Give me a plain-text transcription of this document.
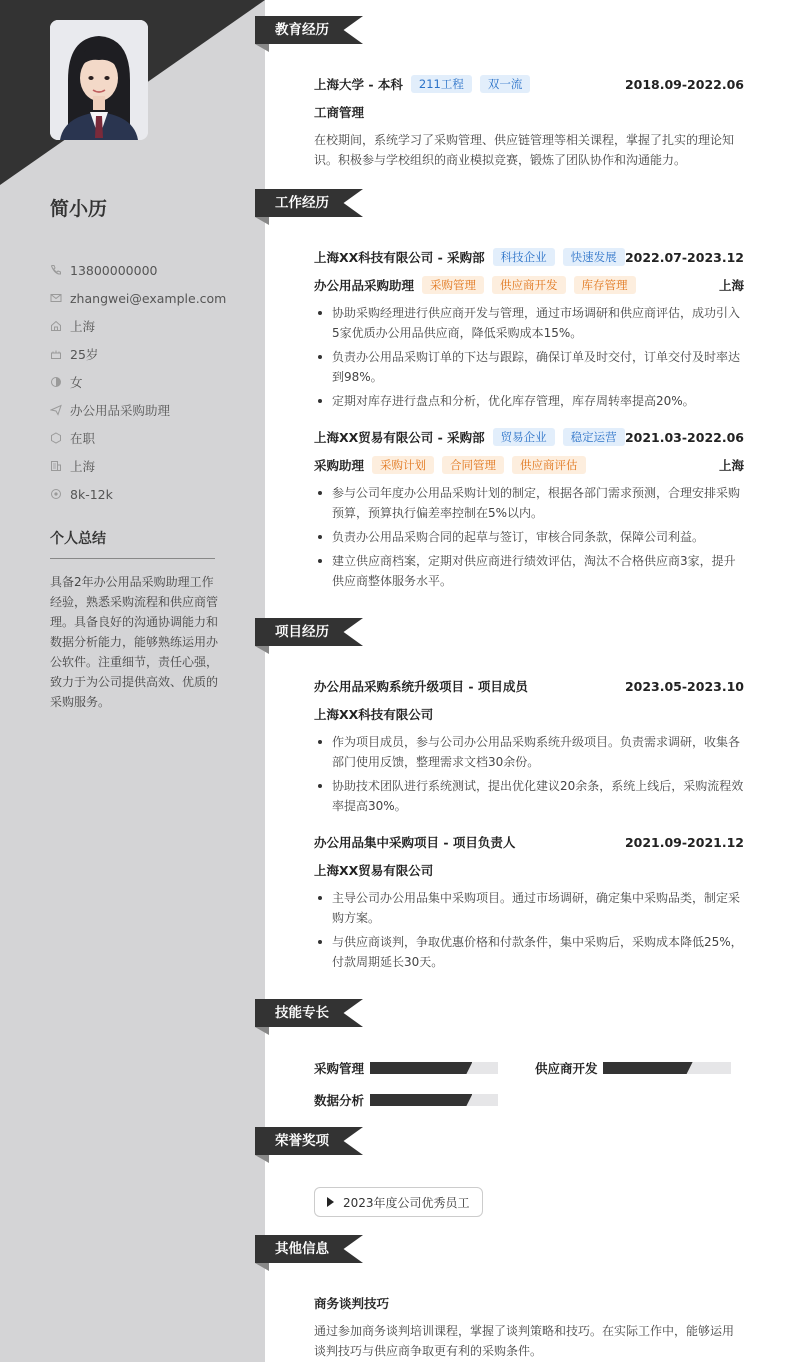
简小历
13800000000
zhangwei@example.com
上海
25岁
女
办公用品采购助理
在职
上海
8k-12k
个人总结
具备2年办公用品采购助理工作经验，熟悉采购流程和供应商管理。具备良好的沟通协调能力和数据分析能力，能够熟练运用办公软件。注重细节，责任心强，致力于为公司提供高效、优质的采购服务。
教育经历
上海大学 - 本科	211工程	双一流	2018.09-2022.06
工商管理
在校期间，系统学习了采购管理、供应链管理等相关课程，掌握了扎实的理论知识。积极参与学校组织的商业模拟竞赛，锻炼了团队协作和沟通能力。
工作经历
上海XX科技有限公司 - 采购部	科技企业	快速发展 2022.07-2023.12
办公用品采购助理	采购管理	供应商开发	库存管理	上海
协助采购经理进行供应商开发与管理，通过市场调研和供应商评估，成功引入5家优质办公用品供应商，降低采购成本15%。
负责办公用品采购订单的下达与跟踪，确保订单及时交付，订单交付及时率达到98%。
定期对库存进行盘点和分析，优化库存管理，库存周转率提高20%。
上海XX贸易有限公司 - 采购部	贸易企业	稳定运营 2021.03-2022.06
采购助理	采购计划	合同管理	供应商评估	上海
参与公司年度办公用品采购计划的制定，根据各部门需求预测，合理安排采购预算，预算执行偏差率控制在5%以内。
负责办公用品采购合同的起草与签订，审核合同条款，保障公司利益。
建立供应商档案，定期对供应商进行绩效评估，淘汰不合格供应商3家，提升供应商整体服务水平。
项目经历
办公用品采购系统升级项目 - 项目成员	2023.05-2023.10
上海XX科技有限公司
作为项目成员，参与公司办公用品采购系统升级项目。负责需求调研，收集各部门使用反馈，整理需求文档30余份。
协助技术团队进行系统测试，提出优化建议20余条，系统上线后，采购流程效率提高30%。
办公用品集中采购项目 - 项目负责人	2021.09-2021.12
上海XX贸易有限公司
主导公司办公用品集中采购项目。通过市场调研，确定集中采购品类，制定采购方案。
与供应商谈判，争取优惠价格和付款条件，集中采购后，采购成本降低25%，付款周期延长30天。
技能专长
采购管理	供应商开发
数据分析
荣誉奖项
2023年度公司优秀员工
其他信息
商务谈判技巧
通过参加商务谈判培训课程，掌握了谈判策略和技巧。在实际工作中，能够运用谈判技巧与供应商争取更有利的采购条件。
